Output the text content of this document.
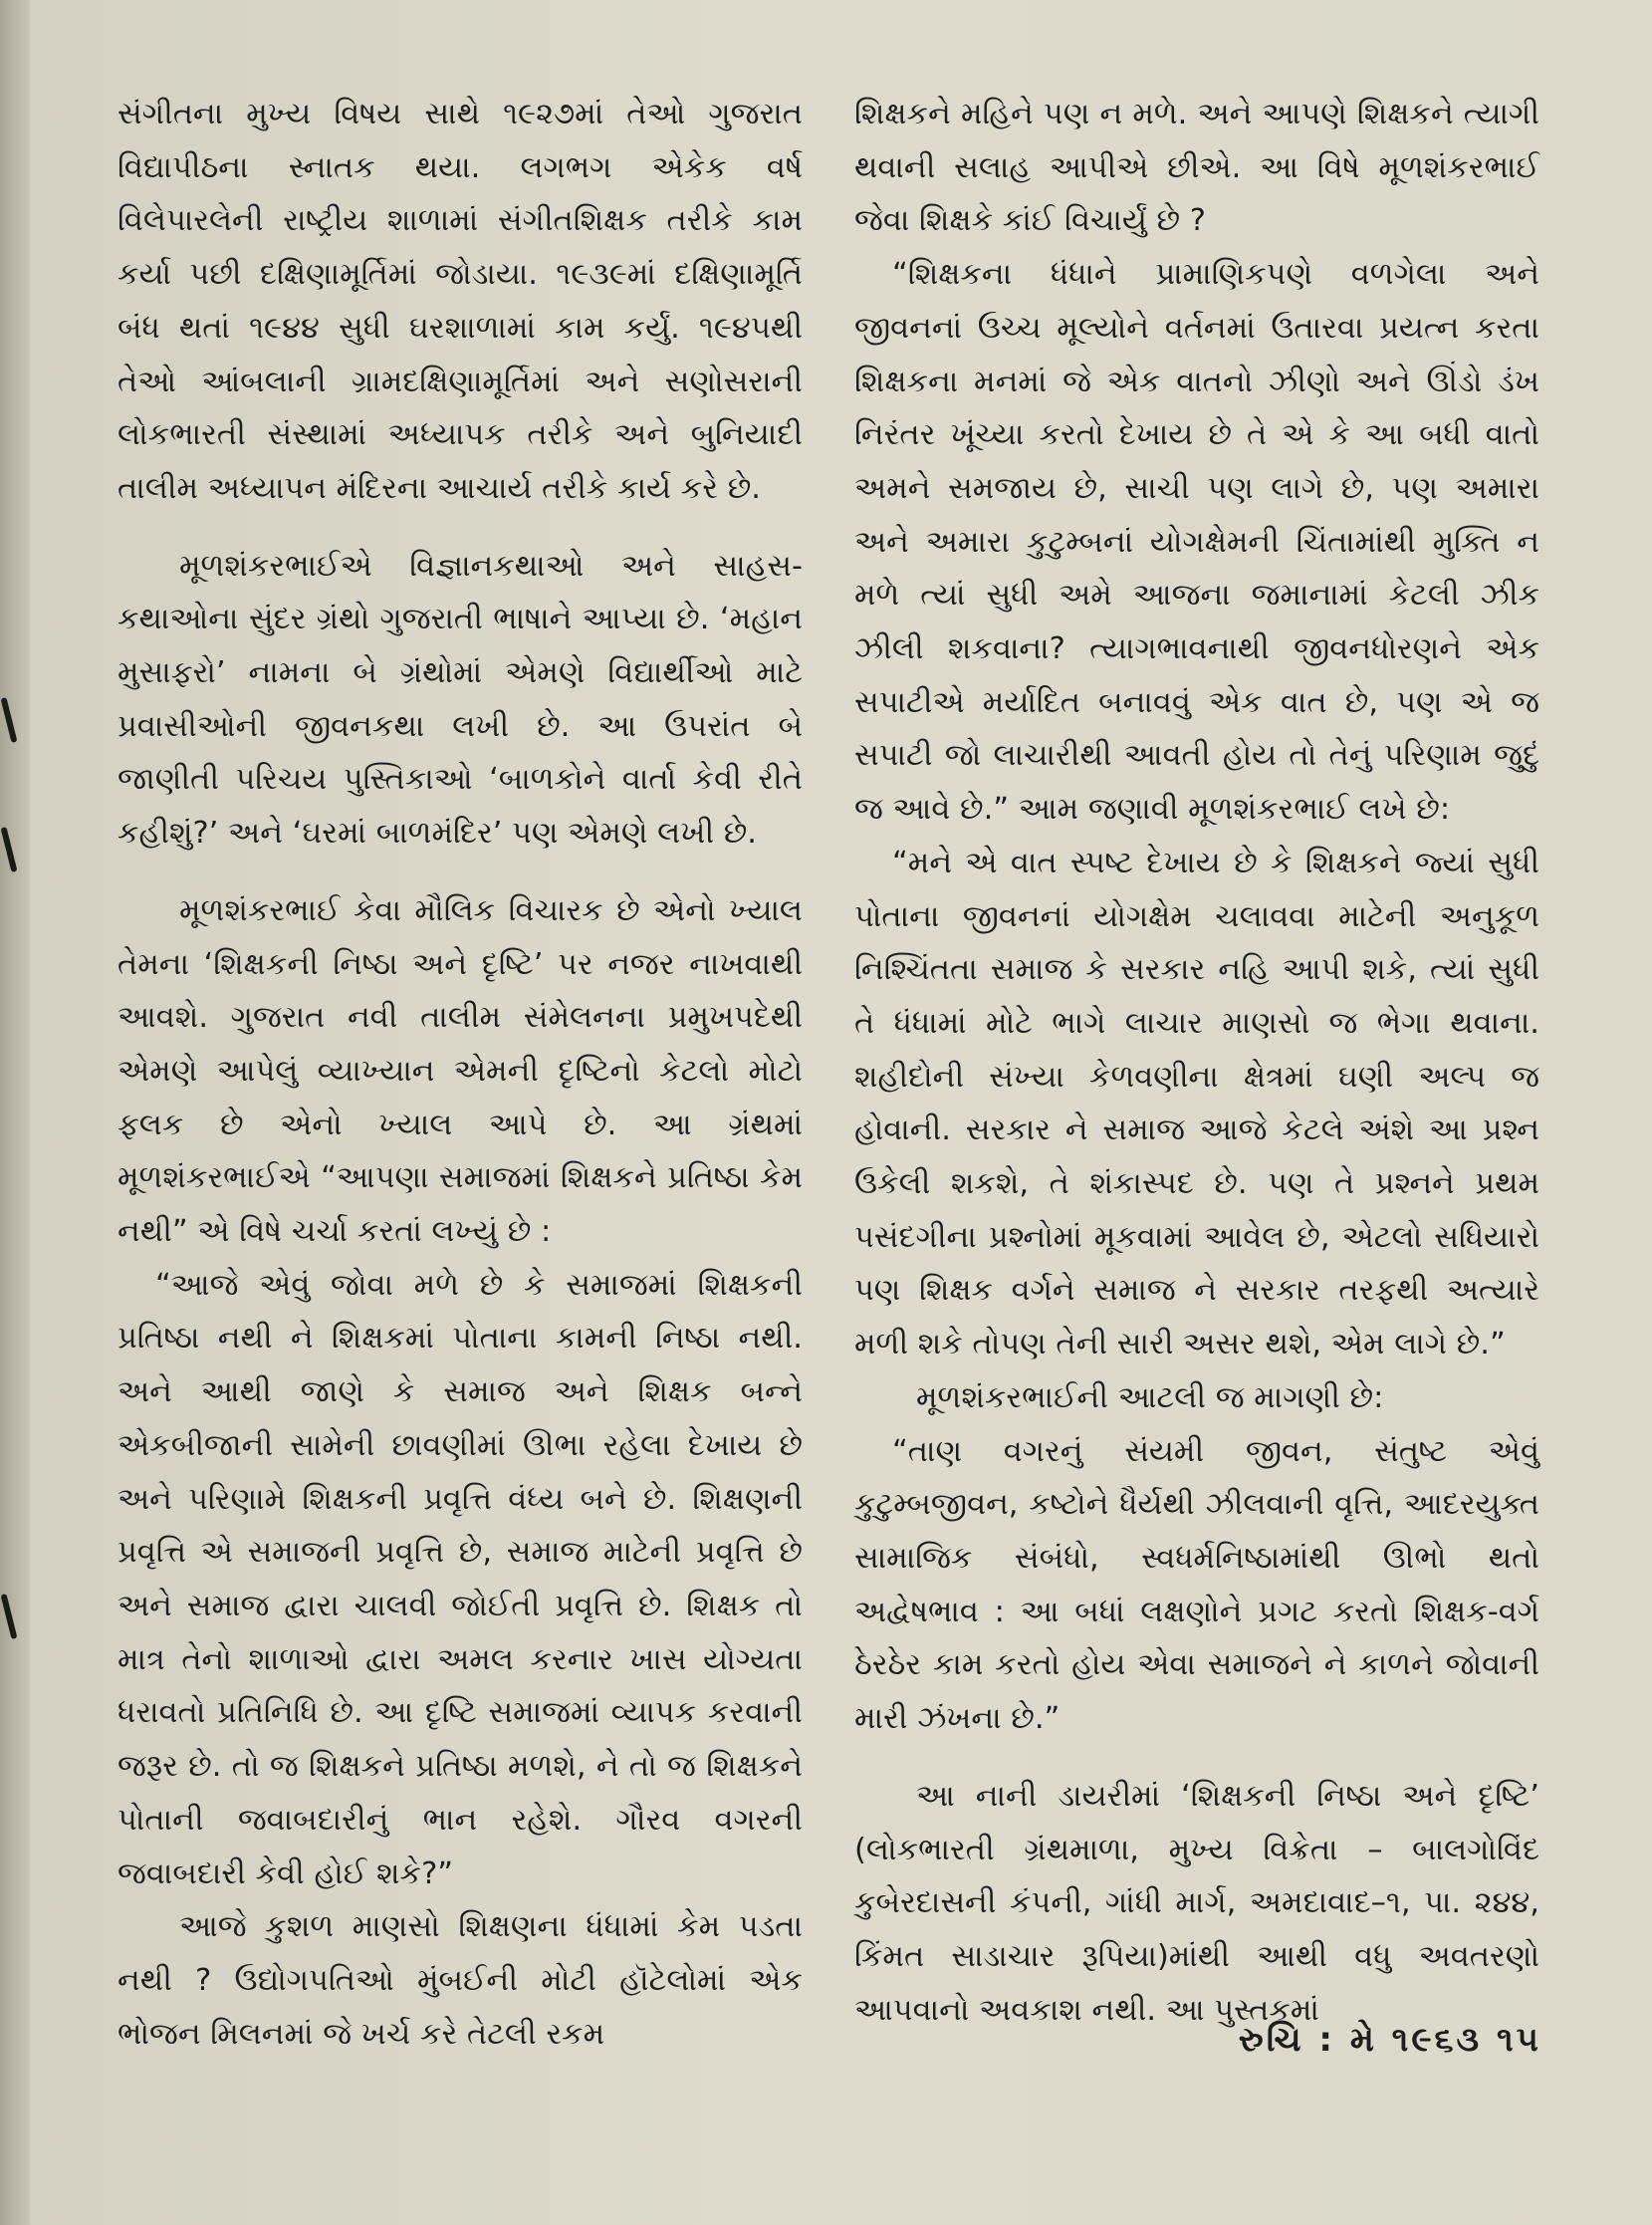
સંગીતના મુખ્ય વિષય સાથે ૧૯૨૭માં તેઓ ગુજરાત વિદ્યાપીઠના સ્નાતક થયા. લગભગ એકેક વર્ષ વિલેપારલેની રાષ્ટ્રીય શાળામાં સંગીતશિક્ષક તરીકે કામ કર્યા પછી દક્ષિણામૂર્તિમાં જોડાયા. ૧૯૩૯માં દક્ષિણામૂર્તિ બંધ થતાં ૧૯૪૪ સુધી ઘરશાળામાં કામ કર્યું. ૧૯૪૫થી તેઓ આંબલાની ગ્રામદક્ષિણામૂર્તિમાં અને સણોસરાની લોકભારતી સંસ્થામાં અધ્યાપક તરીકે અને બુનિયાદી તાલીમ અધ્યાપન મંદિરના આચાર્ય તરીકે કાર્ય કરે છે.

મૂળશંકરભાઈએ વિજ્ઞાનકથાઓ અને સાહસ-કથાઓના સુંદર ગ્રંથો ગુજરાતી ભાષાને આપ્યા છે. ‘મહાન મુસાફરો’ નામના બે ગ્રંથોમાં એમણે વિદ્યાર્થીઓ માટે પ્રવાસીઓની જીવનકથા લખી છે. આ ઉપરાંત બે જાણીતી પરિચય પુસ્તિકાઓ ‘બાળકોને વાર્તા કેવી રીતે કહીશું?’ અને ‘ઘરમાં બાળમંદિર’ પણ એમણે લખી છે.

મૂળશંકરભાઈ કેવા મૌલિક વિચારક છે એનો ખ્યાલ તેમના ‘શિક્ષકની નિષ્ઠા અને દૃષ્ટિ’ પર નજર નાખવાથી આવશે. ગુજરાત નવી તાલીમ સંમેલનના પ્રમુખપદેથી એમણે આપેલું વ્યાખ્યાન એમની દૃષ્ટિનો કેટલો મોટો ફલક છે એનો ખ્યાલ આપે છે. આ ગ્રંથમાં મૂળશંકરભાઈએ “આપણા સમાજમાં શિક્ષકને પ્રતિષ્ઠા કેમ નથી” એ વિષે ચર્ચા કરતાં લખ્યું છે :

“આજે એવું જોવા મળે છે કે સમાજમાં શિક્ષકની પ્રતિષ્ઠા નથી ને શિક્ષકમાં પોતાના કામની નિષ્ઠા નથી. અને આથી જાણે કે સમાજ અને શિક્ષક બન્ને એકબીજાની સામેની છાવણીમાં ઊભા રહેલા દેખાય છે અને પરિણામે શિક્ષકની પ્રવૃત્તિ વંધ્ય બને છે. શિક્ષણની પ્રવૃત્તિ એ સમાજની પ્રવૃત્તિ છે, સમાજ માટેની પ્રવૃત્તિ છે અને સમાજ દ્વારા ચાલવી જોઈતી પ્રવૃત્તિ છે. શિક્ષક તો માત્ર તેનો શાળાઓ દ્વારા અમલ કરનાર ખાસ યોગ્યતા ધરાવતો પ્રતિનિધિ છે. આ દૃષ્ટિ સમાજમાં વ્યાપક કરવાની જરૂર છે. તો જ શિક્ષકને પ્રતિષ્ઠા મળશે, ને તો જ શિક્ષકને પોતાની જવાબદારીનું ભાન રહેશે. ગૌરવ વગરની જવાબદારી કેવી હોઈ શકે?”

આજે કુશળ માણસો શિક્ષણના ધંધામાં કેમ પડતા નથી ? ઉદ્યોગપતિઓ મુંબઈની મોટી હૉટેલોમાં એક ભોજન મિલનમાં જે ખર્ચ કરે તેટલી રકમ

શિક્ષકને મહિને પણ ન મળે. અને આપણે શિક્ષકને ત્યાગી થવાની સલાહ આપીએ છીએ. આ વિષે મૂળશંકરભાઈ જેવા શિક્ષકે કાંઈ વિચાર્યું છે ?

“શિક્ષકના ધંધાને પ્રામાણિકપણે વળગેલા અને જીવનનાં ઉચ્ચ મૂલ્યોને વર્તનમાં ઉતારવા પ્રયત્ન કરતા શિક્ષકના મનમાં જે એક વાતનો ઝીણો અને ઊંડો ડંખ નિરંતર ખૂંચ્યા કરતો દેખાય છે તે એ કે આ બધી વાતો અમને સમજાય છે, સાચી પણ લાગે છે, પણ અમારા અને અમારા કુટુમ્બનાં યોગક્ષેમની ચિંતામાંથી મુક્તિ ન મળે ત્યાં સુધી અમે આજના જમાનામાં કેટલી ઝીક ઝીલી શકવાના? ત્યાગભાવનાથી જીવનધોરણને એક સપાટીએ મર્યાદિત બનાવવું એક વાત છે, પણ એ જ સપાટી જો લાચારીથી આવતી હોય તો તેનું પરિણામ જુદું જ આવે છે.” આમ જણાવી મૂળશંકરભાઈ લખે છે:

“મને એ વાત સ્પષ્ટ દેખાય છે કે શિક્ષકને જ્યાં સુધી પોતાના જીવનનાં યોગક્ષેમ ચલાવવા માટેની અનુકૂળ નિશ્ચિંતતા સમાજ કે સરકાર નહિ આપી શકે, ત્યાં સુધી તે ધંધામાં મોટે ભાગે લાચાર માણસો જ ભેગા થવાના. શહીદોની સંખ્યા કેળવણીના ક્ષેત્રમાં ઘણી અલ્પ જ હોવાની. સરકાર ને સમાજ આજે કેટલે અંશે આ પ્રશ્ન ઉકેલી શકશે, તે શંકાસ્પદ છે. પણ તે પ્રશ્નને પ્રથમ પસંદગીના પ્રશ્નોમાં મૂકવામાં આવેલ છે, એટલો સધિયારો પણ શિક્ષક વર્ગને સમાજ ને સરકાર તરફથી અત્યારે મળી શકે તોપણ તેની સારી અસર થશે, એમ લાગે છે.”

મૂળશંકરભાઈની આટલી જ માગણી છે:

“તાણ વગરનું સંયમી જીવન, સંતુષ્ટ એવું કુટુમ્બજીવન, કષ્ટોને ધૈર્યથી ઝીલવાની વૃત્તિ, આદરયુક્ત સામાજિક સંબંધો, સ્વધર્મનિષ્ઠામાંથી ઊભો થતો અદ્વેષભાવ : આ બધાં લક્ષણોને પ્રગટ કરતો શિક્ષક-વર્ગ ઠેરઠેર કામ કરતો હોય એવા સમાજને ને કાળને જોવાની મારી ઝંખના છે.”

આ નાની ડાયરીમાં ‘શિક્ષકની નિષ્ઠા અને દૃષ્ટિ’ (લોકભારતી ગ્રંથમાળા, મુખ્ય વિક્રેતા – બાલગોવિંદ કુબેરદાસની કંપની, ગાંધી માર્ગ, અમદાવાદ–૧, પા. ૨૪૪, કિંમત સાડાચાર રૂપિયા)માંથી આથી વધુ અવતરણો આપવાનો અવકાશ નથી. આ પુસ્તકમાં

રુચિ : મે ૧૯૬૩ ૧૫
